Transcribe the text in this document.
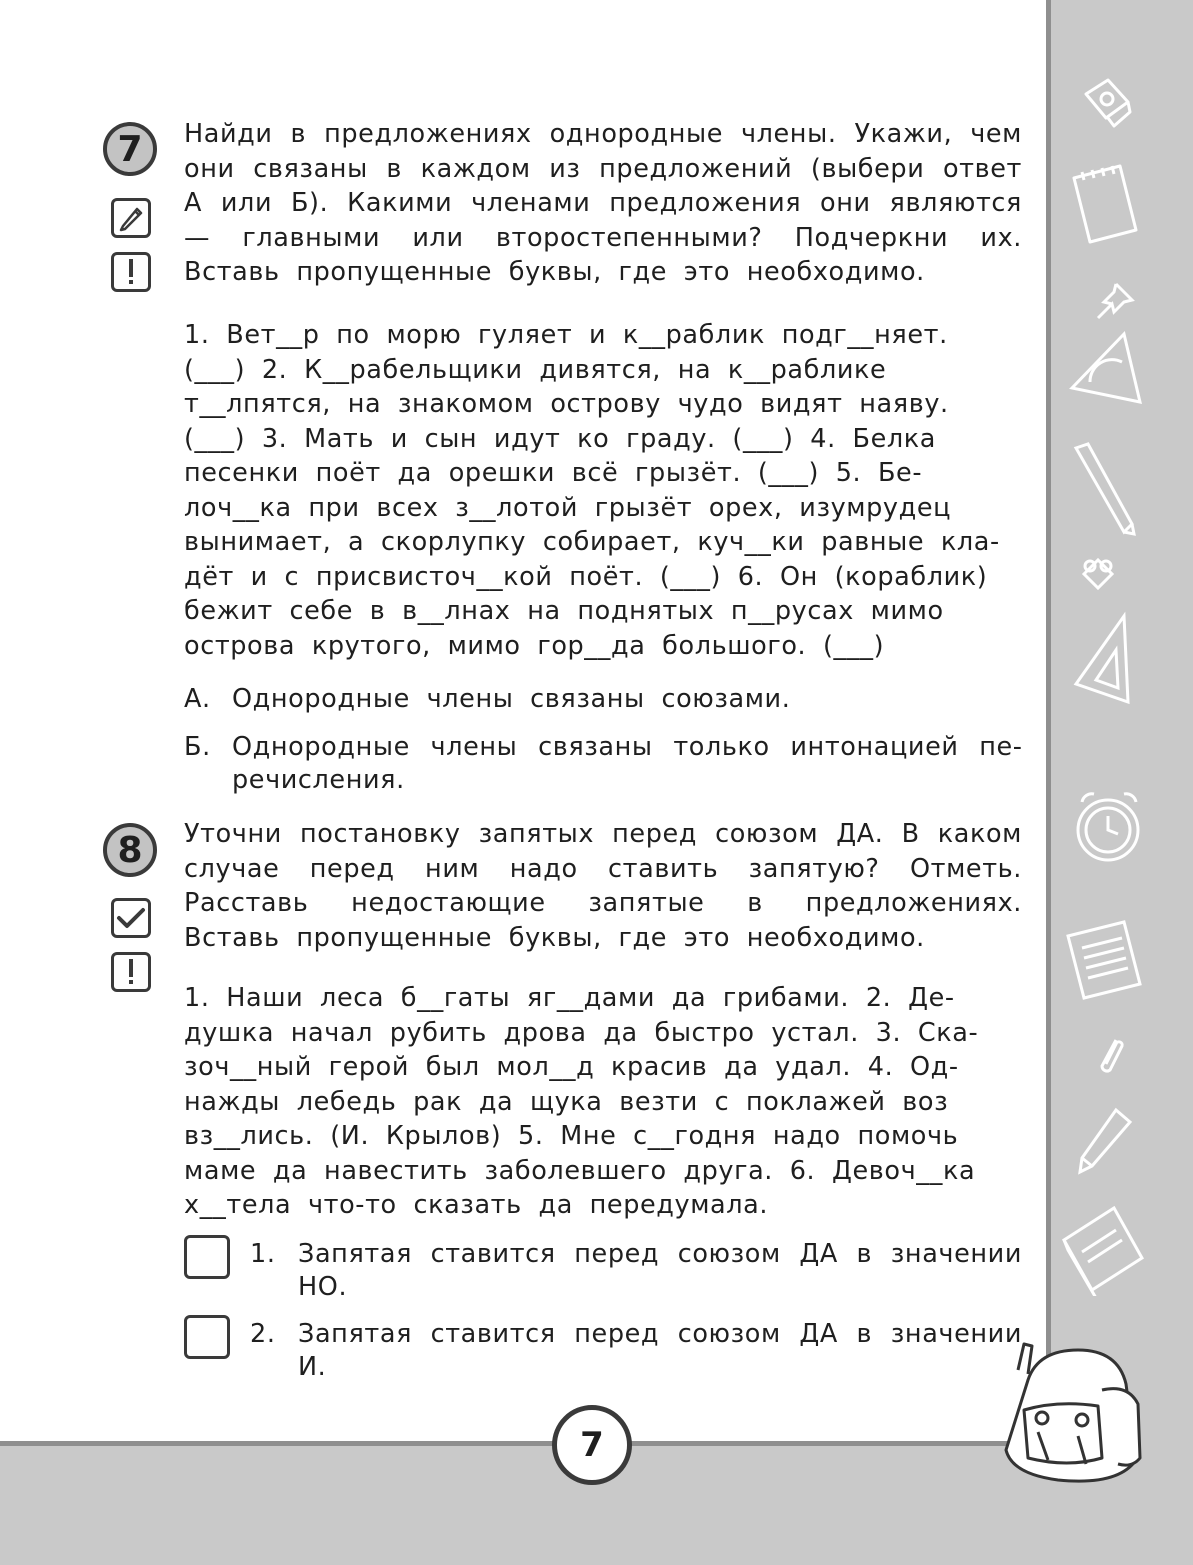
7	Найди в предложениях однородные члены. Укажи, чем они связаны в каждом из предложений (выбери ответ А или Б). Какими членами предложения они являются — главными или второстепенными? Подчеркни их. Вставь пропущенные буквы, где это необходимо.

1. Вет__р по морю гуляет и к__раблик подг__няет.

(___) 2. К__рабельщики дивятся, на к__раблике

т__лпятся, на знакомом острову чудо видят наяву.

(___) 3. Мать и сын идут ко граду. (___) 4. Белка

песенки поёт да орешки всё грызёт. (___) 5. Бе-

лоч__ка при всех з__лотой грызёт орех, изумрудец

вынимает, а скорлупку собирает, куч__ки равные кла-

дёт и с присвисточ__кой поёт. (___) 6. Он (кораблик)

бежит себе в в__лнах на поднятых п__русах мимо

острова крутого, мимо гор__да большого. (___)

А. Однородные члены связаны союзами.
Б. Однородные члены связаны только интонацией перечисления.
8	Уточни постановку запятых перед союзом ДА. В каком случае перед ним надо ставить запятую? Отметь. Расставь недостающие запятые в предложениях. Вставь пропущенные буквы, где это необходимо.

1. Наши леса б__гаты яг__дами да грибами. 2. Де-

душка начал рубить дрова да быстро устал. 3. Ска-

зоч__ный герой был мол__д красив да удал. 4. Од-

нажды лебедь рак да щука везти с поклажей воз

вз__лись. (И. Крылов) 5. Мне с__годня надо помочь

маме да навестить заболевшего друга. 6. Девоч__ка

х__тела что-то сказать да передумала.

1. Запятая ставится перед союзом ДА в значении НО.
2. Запятая ставится перед союзом ДА в значении И.
7
